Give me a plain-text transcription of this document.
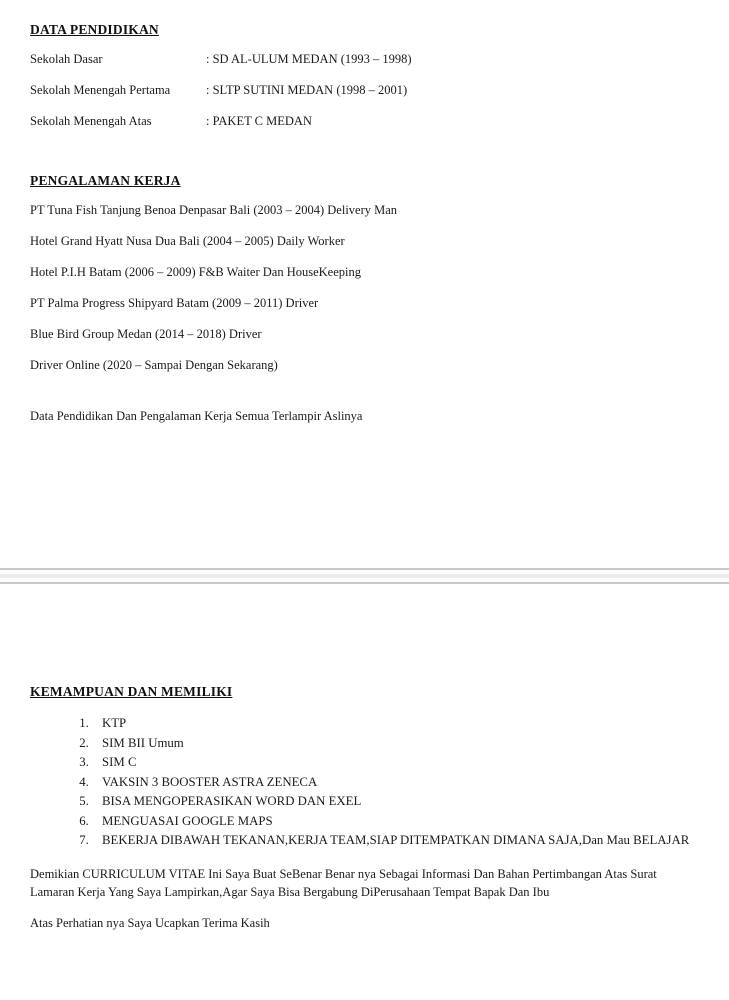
DATA PENDIDIKAN
Sekolah Dasar	: SD AL-ULUM MEDAN (1993 – 1998)
Sekolah Menengah Pertama	: SLTP SUTINI MEDAN (1998 – 2001)
Sekolah Menengah Atas	: PAKET C MEDAN
PENGALAMAN KERJA
PT Tuna Fish Tanjung Benoa Denpasar Bali (2003 – 2004) Delivery Man
Hotel Grand Hyatt Nusa Dua Bali (2004 – 2005) Daily Worker
Hotel P.I.H Batam (2006 – 2009) F&B Waiter Dan HouseKeeping
PT Palma Progress Shipyard Batam (2009 – 2011) Driver
Blue Bird Group Medan (2014 – 2018) Driver
Driver Online (2020 – Sampai Dengan Sekarang)
Data Pendidikan Dan Pengalaman Kerja Semua Terlampir Aslinya
KEMAMPUAN DAN MEMILIKI
1. KTP
2. SIM BII Umum
3. SIM C
4. VAKSIN 3 BOOSTER ASTRA ZENECA
5. BISA MENGOPERASIKAN WORD DAN EXEL
6. MENGUASAI GOOGLE MAPS
7. BEKERJA DIBAWAH TEKANAN,KERJA TEAM,SIAP DITEMPATKAN DIMANA SAJA,Dan Mau BELAJAR

Demikian CURRICULUM VITAE Ini Saya Buat SeBenar Benar nya Sebagai Informasi Dan Bahan Pertimbangan Atas Surat Lamaran Kerja Yang Saya Lampirkan,Agar Saya Bisa Bergabung DiPerusahaan Tempat Bapak Dan Ibu

Atas Perhatian nya Saya Ucapkan Terima Kasih
